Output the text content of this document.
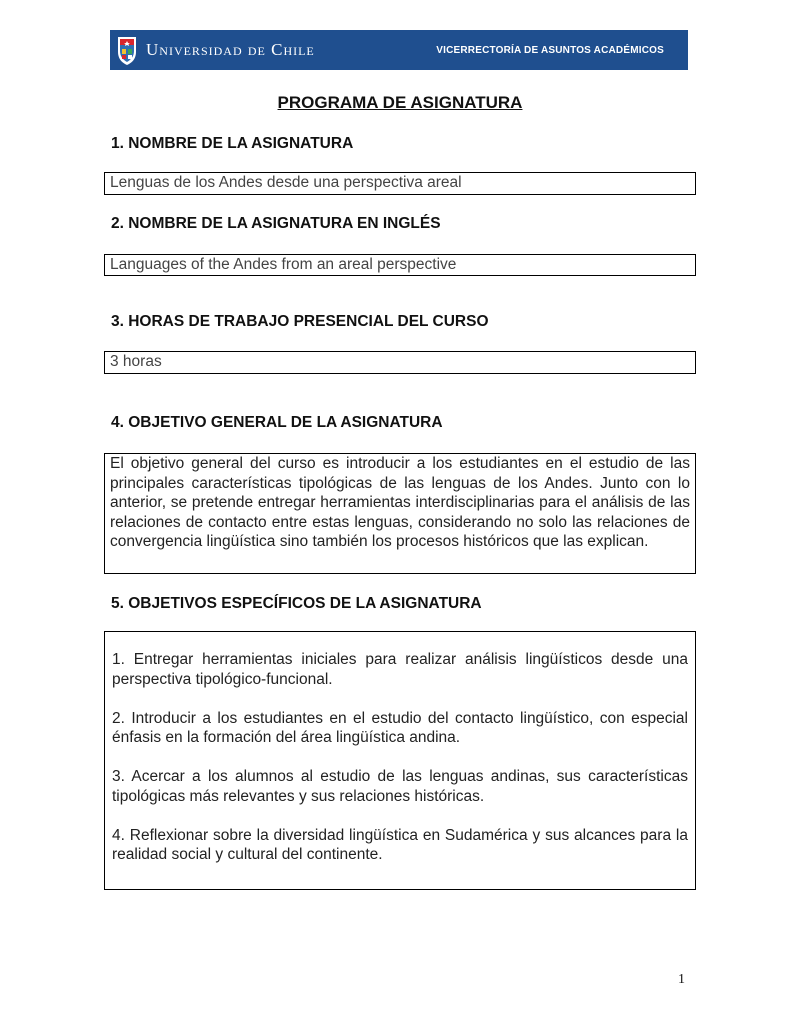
Universidad de Chile	VICERRECTORÍA DE ASUNTOS ACADÉMICOS
PROGRAMA DE ASIGNATURA
1. NOMBRE DE LA ASIGNATURA
Lenguas de los Andes desde una perspectiva areal
2. NOMBRE DE LA ASIGNATURA EN INGLÉS
Languages of the Andes from an areal perspective
3. HORAS DE TRABAJO PRESENCIAL DEL CURSO
3 horas
4. OBJETIVO GENERAL DE LA ASIGNATURA
El objetivo general del curso es introducir a los estudiantes en el estudio de las principales características tipológicas de las lenguas de los Andes. Junto con lo anterior, se pretende entregar herramientas interdisciplinarias para el análisis de las relaciones de contacto entre estas lenguas, considerando no solo las relaciones de convergencia lingüística sino también los procesos históricos que las explican.
5. OBJETIVOS ESPECÍFICOS DE LA ASIGNATURA
1. Entregar herramientas iniciales para realizar análisis lingüísticos desde una perspectiva tipológico-funcional.
2. Introducir a los estudiantes en el estudio del contacto lingüístico, con especial énfasis en la formación del área lingüística andina.
3. Acercar a los alumnos al estudio de las lenguas andinas, sus características tipológicas más relevantes y sus relaciones históricas.
4. Reflexionar sobre la diversidad lingüística en Sudamérica y sus alcances para la realidad social y cultural del continente.
1
